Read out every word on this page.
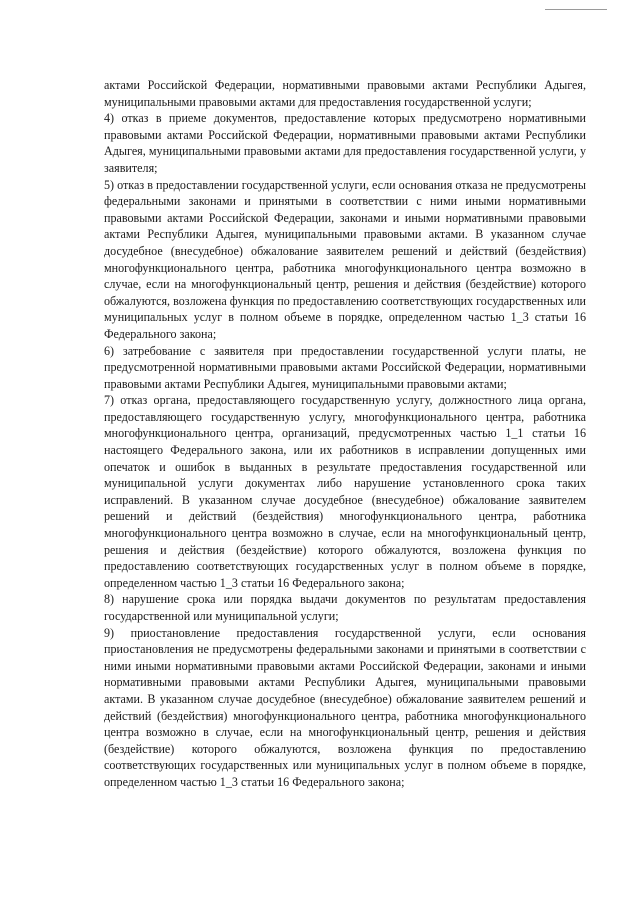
актами Российской Федерации, нормативными правовыми актами Республики Адыгея, муниципальными правовыми актами для предоставления государственной услуги;

4) отказ в приеме документов, предоставление которых предусмотрено нормативными правовыми актами Российской Федерации, нормативными правовыми актами Республики Адыгея, муниципальными правовыми актами для предоставления государственной услуги, у заявителя;

5) отказ в предоставлении государственной услуги, если основания отказа не предусмотрены федеральными законами и принятыми в соответствии с ними иными нормативными правовыми актами Российской Федерации, законами и иными нормативными правовыми актами Республики Адыгея, муниципальными правовыми актами. В указанном случае досудебное (внесудебное) обжалование заявителем решений и действий (бездействия) многофункционального центра, работника многофункционального центра возможно в случае, если на многофункциональный центр, решения и действия (бездействие) которого обжалуются, возложена функция по предоставлению соответствующих государственных или муниципальных услуг в полном объеме в порядке, определенном частью 1_3 статьи 16 Федерального закона;

6) затребование с заявителя при предоставлении государственной услуги платы, не предусмотренной нормативными правовыми актами Российской Федерации, нормативными правовыми актами Республики Адыгея, муниципальными правовыми актами;

7) отказ органа, предоставляющего государственную услугу, должностного лица органа, предоставляющего государственную услугу, многофункционального центра, работника многофункционального центра, организаций, предусмотренных частью 1_1 статьи 16 настоящего Федерального закона, или их работников в исправлении допущенных ими опечаток и ошибок в выданных в результате предоставления государственной или муниципальной услуги документах либо нарушение установленного срока таких исправлений. В указанном случае досудебное (внесудебное) обжалование заявителем решений и действий (бездействия) многофункционального центра, работника многофункционального центра возможно в случае, если на многофункциональный центр, решения и действия (бездействие) которого обжалуются, возложена функция по предоставлению соответствующих государственных услуг в полном объеме в порядке, определенном частью 1_3 статьи 16 Федерального закона;

8) нарушение срока или порядка выдачи документов по результатам предоставления государственной или муниципальной услуги;

9) приостановление предоставления государственной услуги, если основания приостановления не предусмотрены федеральными законами и принятыми в соответствии с ними иными нормативными правовыми актами Российской Федерации, законами и иными нормативными правовыми актами Республики Адыгея, муниципальными правовыми актами. В указанном случае досудебное (внесудебное) обжалование заявителем решений и действий (бездействия) многофункционального центра, работника многофункционального центра возможно в случае, если на многофункциональный центр, решения и действия (бездействие) которого обжалуются, возложена функция по предоставлению соответствующих государственных или муниципальных услуг в полном объеме в порядке, определенном частью 1_3 статьи 16 Федерального закона;
